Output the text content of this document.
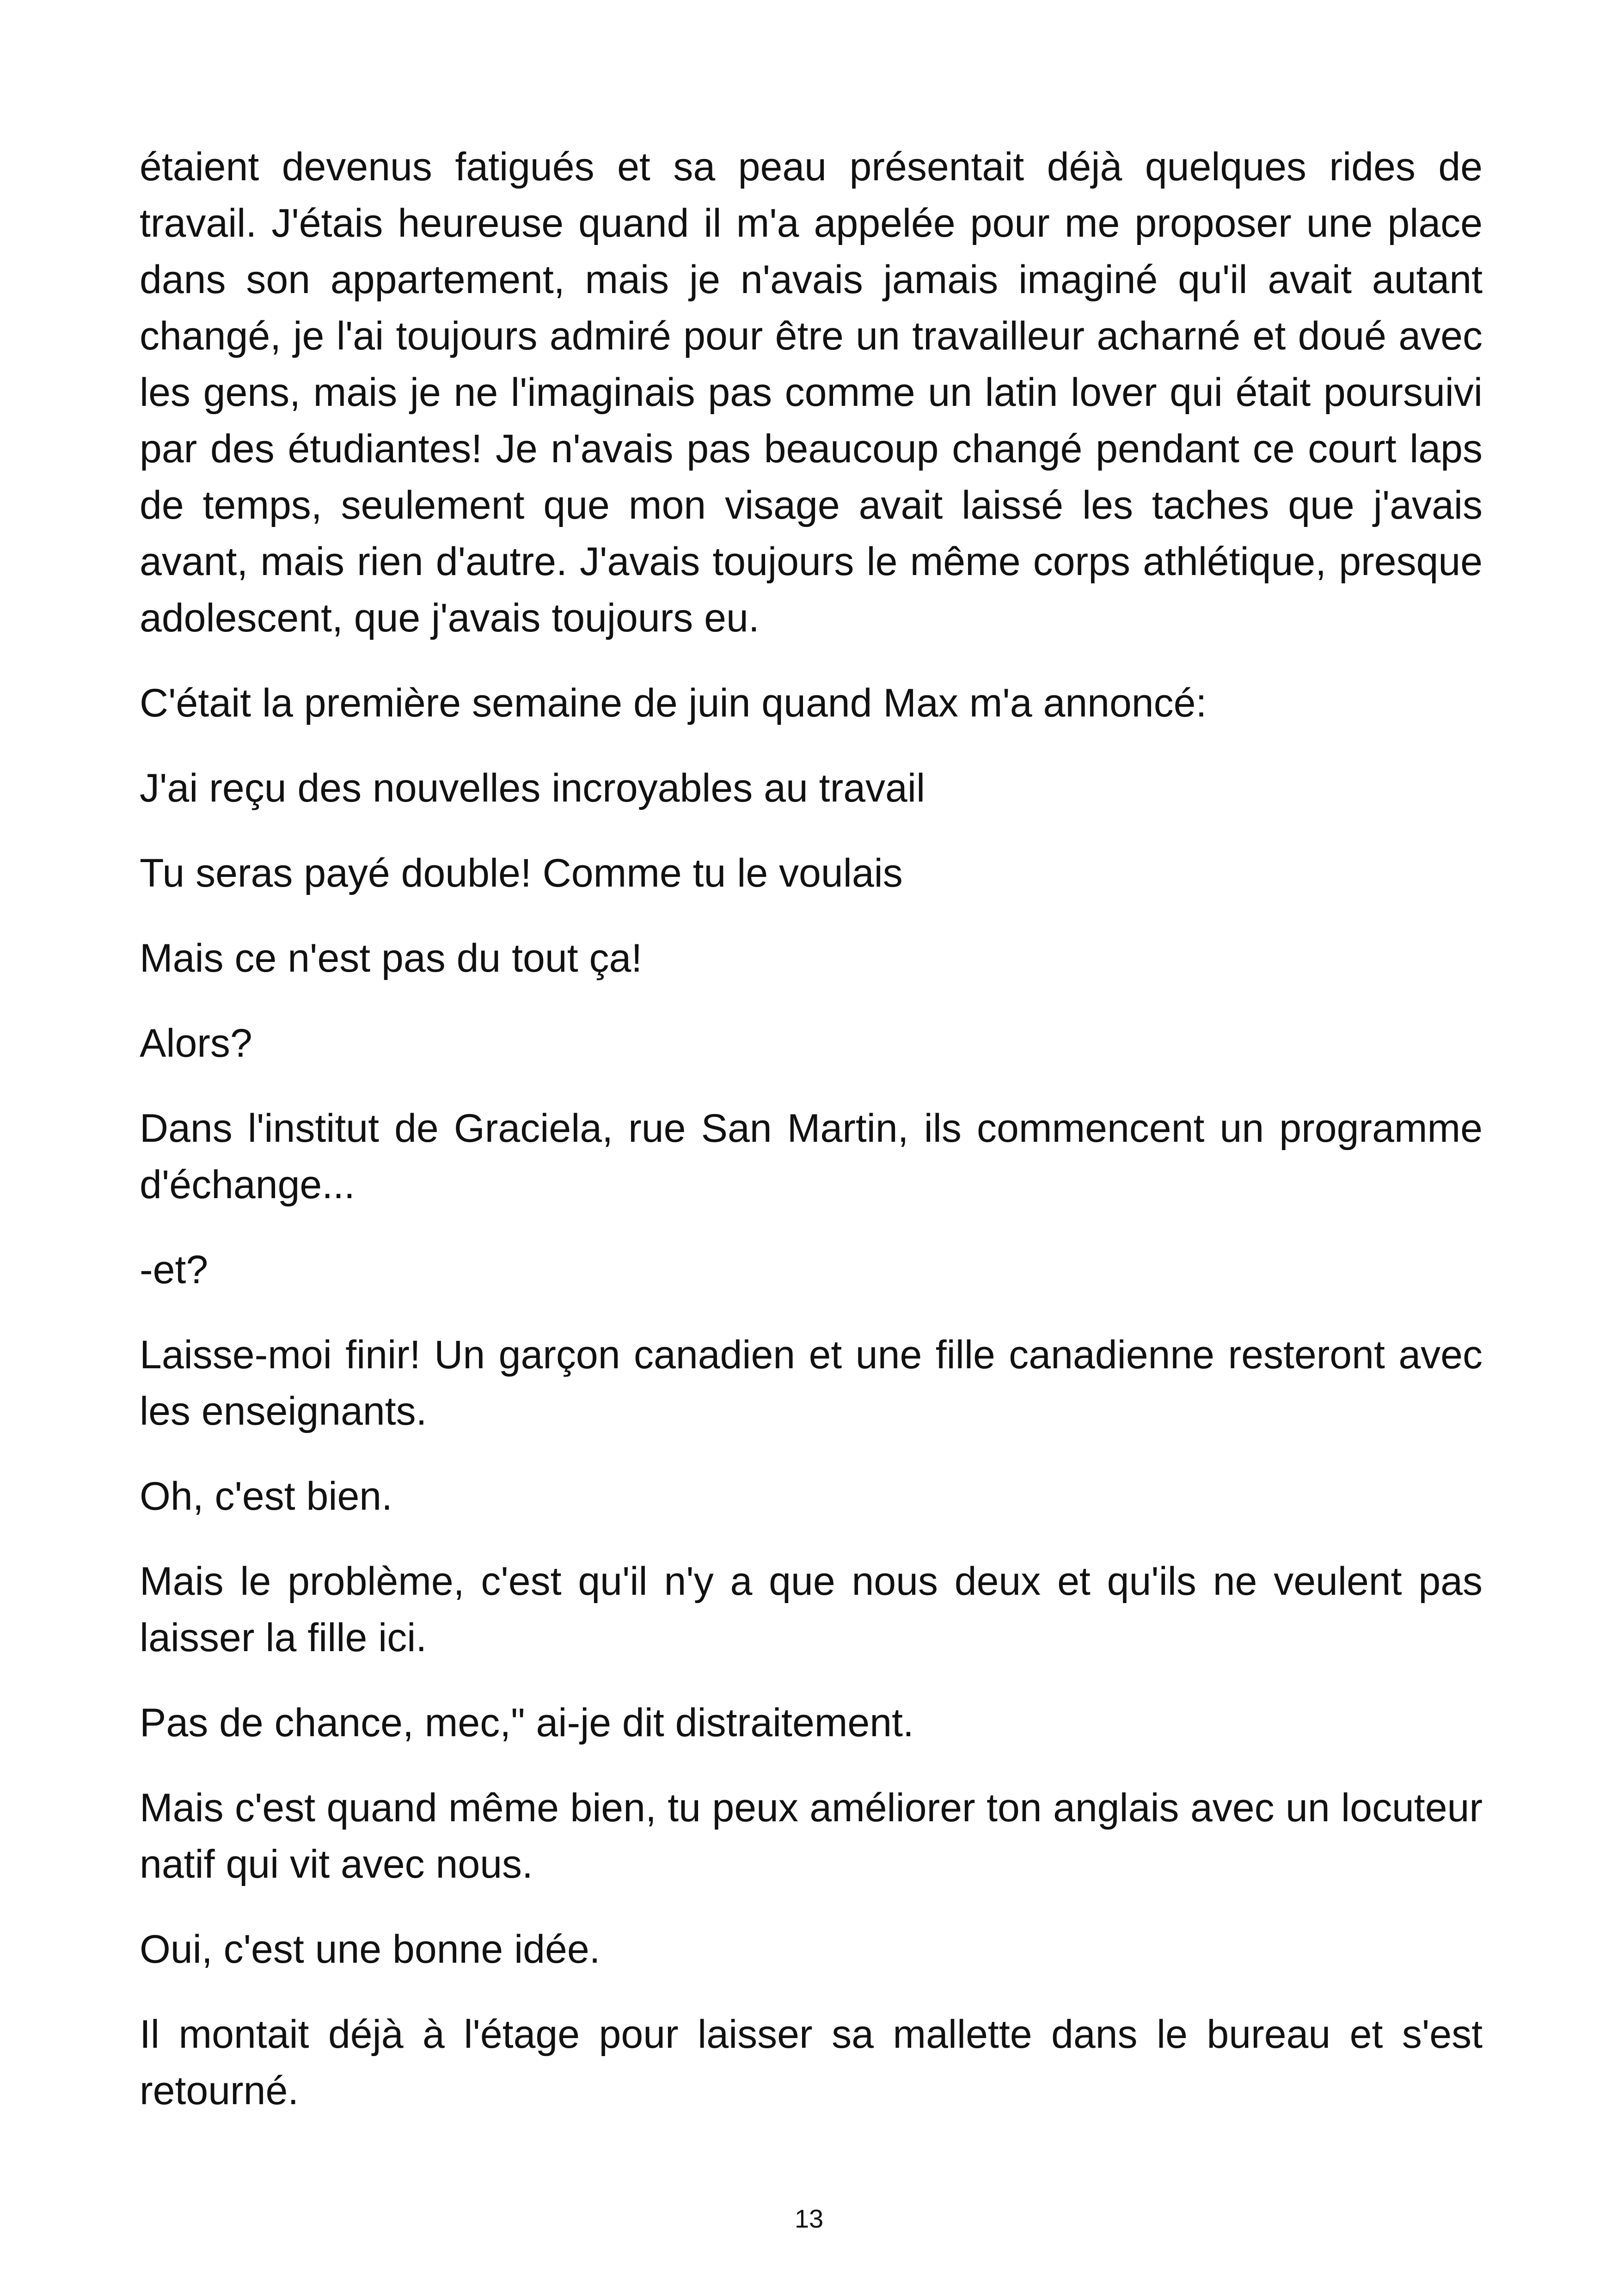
étaient devenus fatigués et sa peau présentait déjà quelques rides de travail. J'étais heureuse quand il m'a appelée pour me proposer une place dans son appartement, mais je n'avais jamais imaginé qu'il avait autant changé, je l'ai toujours admiré pour être un travailleur acharné et doué avec les gens, mais je ne l'imaginais pas comme un latin lover qui était poursuivi par des étudiantes! Je n'avais pas beaucoup changé pendant ce court laps de temps, seulement que mon visage avait laissé les taches que j'avais avant, mais rien d'autre. J'avais toujours le même corps athlétique, presque adolescent, que j'avais toujours eu.

C'était la première semaine de juin quand Max m'a annoncé:

J'ai reçu des nouvelles incroyables au travail

Tu seras payé double! Comme tu le voulais

Mais ce n'est pas du tout ça!

Alors?

Dans l'institut de Graciela, rue San Martin, ils commencent un programme d'échange...

-et?

Laisse-moi finir! Un garçon canadien et une fille canadienne resteront avec les enseignants.

Oh, c'est bien.

Mais le problème, c'est qu'il n'y a que nous deux et qu'ils ne veulent pas laisser la fille ici.

Pas de chance, mec," ai-je dit distraitement.

Mais c'est quand même bien, tu peux améliorer ton anglais avec un locuteur natif qui vit avec nous.

Oui, c'est une bonne idée.

Il montait déjà à l'étage pour laisser sa mallette dans le bureau et s'est retourné.

13
